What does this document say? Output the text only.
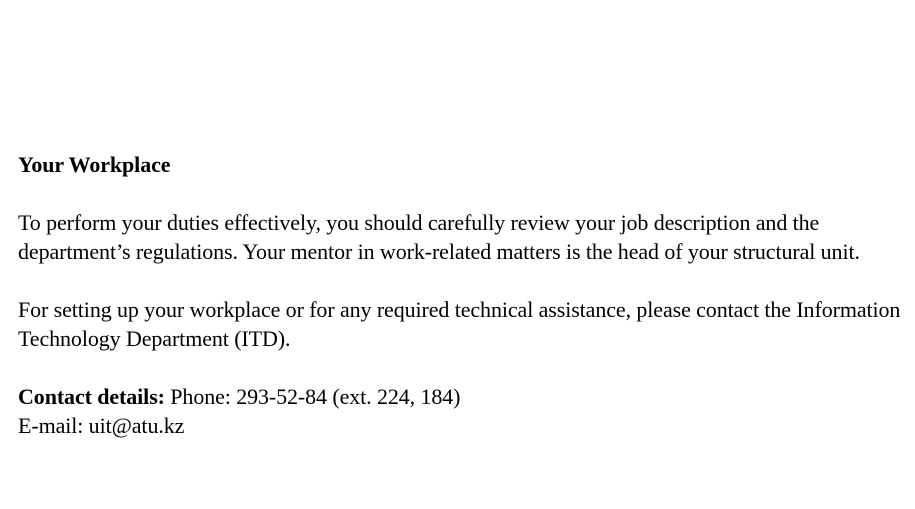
Your Workplace
To perform your duties effectively, you should carefully review your job description and the department’s regulations. Your mentor in work-related matters is the head of your structural unit.
For setting up your workplace or for any required technical assistance, please contact the Information Technology Department (ITD).
Contact details: Phone: 293-52-84 (ext. 224, 184)
E-mail: uit@atu.kz
